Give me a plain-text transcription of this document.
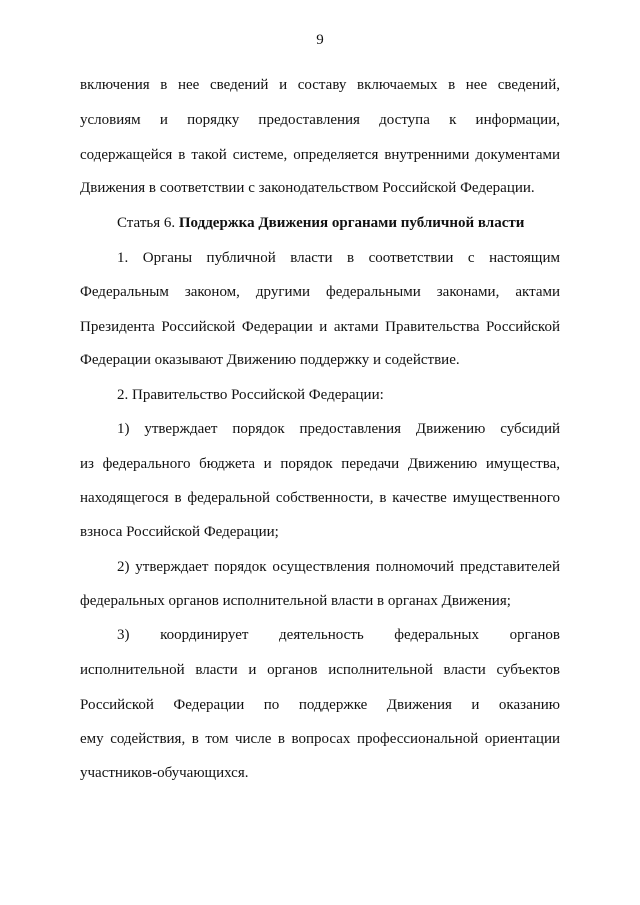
9
включения в нее сведений и составу включаемых в нее сведений,
условиям и порядку предоставления доступа к информации,
содержащейся в такой системе, определяется внутренними документами
Движения в соответствии с законодательством Российской Федерации.
Статья 6. Поддержка Движения органами публичной власти
1. Органы публичной власти в соответствии с настоящим
Федеральным законом, другими федеральными законами, актами
Президента Российской Федерации и актами Правительства Российской
Федерации оказывают Движению поддержку и содействие.
2. Правительство Российской Федерации:
1) утверждает порядок предоставления Движению субсидий
из федерального бюджета и порядок передачи Движению имущества,
находящегося в федеральной собственности, в качестве имущественного
взноса Российской Федерации;
2) утверждает порядок осуществления полномочий представителей
федеральных органов исполнительной власти в органах Движения;
3) координирует деятельность федеральных органов
исполнительной власти и органов исполнительной власти субъектов
Российской Федерации по поддержке Движения и оказанию
ему содействия, в том числе в вопросах профессиональной ориентации
участников-обучающихся.
